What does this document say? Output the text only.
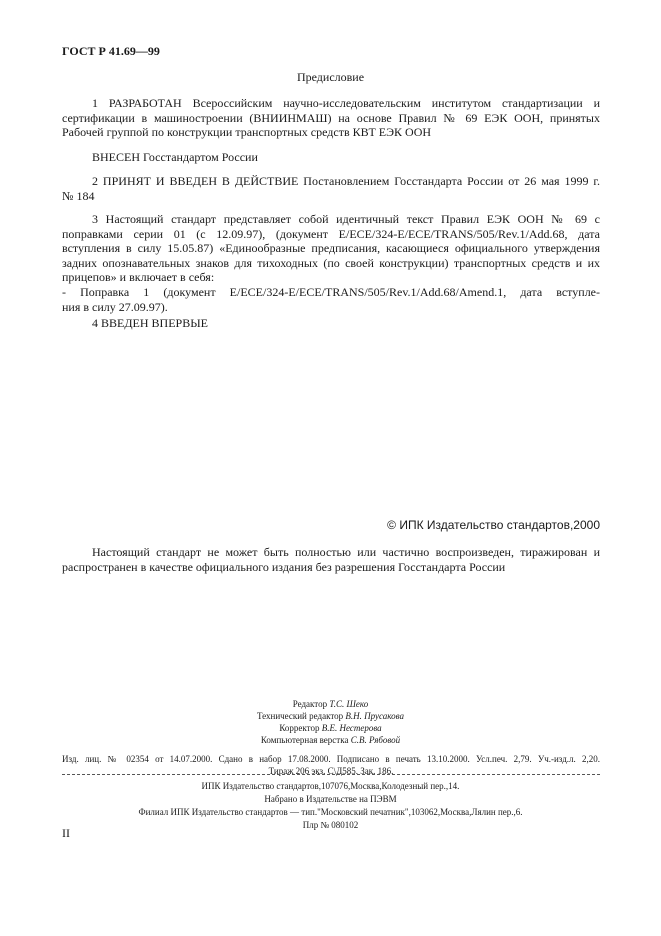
ГОСТ Р 41.69—99
Предисловие
1 РАЗРАБОТАН Всероссийским научно-исследовательским институтом стандартизации и
сертификации в машиностроении (ВНИИНМАШ) на основе Правил № 69 ЕЭК ООН, принятых
Рабочей группой по конструкции транспортных средств КВТ ЕЭК ООН
ВНЕСЕН Госстандартом России
2 ПРИНЯТ И ВВЕДЕН В ДЕЙСТВИЕ Постановлением Госстандарта России от 26 мая 1999 г.
№ 184
3 Настоящий стандарт представляет собой идентичный текст Правил ЕЭК ООН № 69 с
поправками серии 01 (с 12.09.97), (документ E/ECE/324-E/ECE/TRANS/505/Rev.1/Add.68, дата
вступления в силу 15.05.87) «Единообразные предписания, касающиеся официального утверждения
задних опознавательных знаков для тихоходных (по своей конструкции) транспортных средств и их
прицепов» и включает в себя:
- Поправка 1 (документ E/ECE/324-E/ECE/TRANS/505/Rev.1/Add.68/Amend.1, дата вступле-
ния в силу 27.09.97).
4 ВВЕДЕН ВПЕРВЫЕ
© ИПК Издательство стандартов,2000
Настоящий стандарт не может быть полностью или частично воспроизведен, тиражирован и
распространен в качестве официального издания без разрешения Госстандарта России
Редактор Т.С. Шеко
Технический редактор В.Н. Прусакова
Корректор В.Е. Нестерова
Компьютерная верстка С.В. Рябовой
Изд. лиц. № 02354 от 14.07.2000. Сдано в набор 17.08.2000. Подписано в печать 13.10.2000. Усл.печ. 2,79. Уч.-изд.л. 2,20.
Тираж 206 экз. С\Д585. Зак. 186.
ИПК Издательство стандартов,107076,Москва,Колодезный пер.,14.
Набрано в Издательстве на ПЭВМ
Филиал ИПК Издательство стандартов — тип."Московский печатник",103062,Москва,Лялин пер.,6.
Плр № 080102
II
